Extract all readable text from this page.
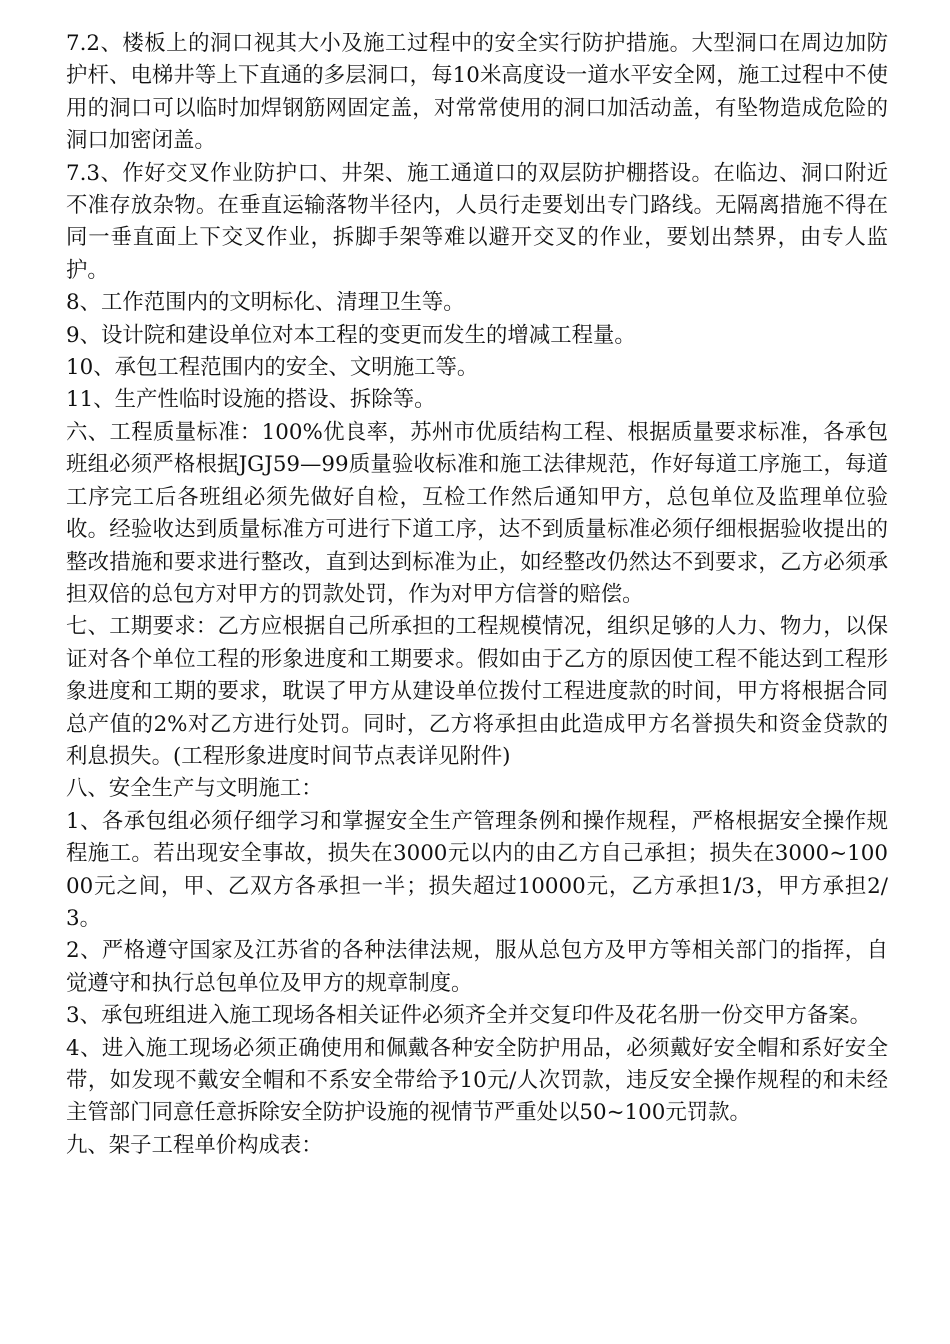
7.2、楼板上的洞口视其大小及施工过程中的安全实行防护措施。大型洞口在周边加防护杆、电梯井等上下直通的多层洞口，每10米高度设一道水平安全网，施工过程中不使用的洞口可以临时加焊钢筋网固定盖，对常常使用的洞口加活动盖，有坠物造成危险的洞口加密闭盖。

7.3、作好交叉作业防护口、井架、施工通道口的双层防护棚搭设。在临边、洞口附近不准存放杂物。在垂直运输落物半径内，人员行走要划出专门路线。无隔离措施不得在同一垂直面上下交叉作业，拆脚手架等难以避开交叉的作业，要划出禁界，由专人监护。

8、工作范围内的文明标化、清理卫生等。

9、设计院和建设单位对本工程的变更而发生的增减工程量。

10、承包工程范围内的安全、文明施工等。

11、生产性临时设施的搭设、拆除等。

六、工程质量标准：100%优良率，苏州市优质结构工程、根据质量要求标准，各承包班组必须严格根据JGJ59—99质量验收标准和施工法律规范，作好每道工序施工，每道工序完工后各班组必须先做好自检，互检工作然后通知甲方，总包单位及监理单位验收。经验收达到质量标准方可进行下道工序，达不到质量标准必须仔细根据验收提出的整改措施和要求进行整改，直到达到标准为止，如经整改仍然达不到要求，乙方必须承担双倍的总包方对甲方的罚款处罚，作为对甲方信誉的赔偿。

七、工期要求：乙方应根据自己所承担的工程规模情况，组织足够的人力、物力，以保证对各个单位工程的形象进度和工期要求。假如由于乙方的原因使工程不能达到工程形象进度和工期的要求，耽误了甲方从建设单位拨付工程进度款的时间，甲方将根据合同总产值的2%对乙方进行处罚。同时，乙方将承担由此造成甲方名誉损失和资金贷款的利息损失。(工程形象进度时间节点表详见附件)

八、安全生产与文明施工：

1、各承包组必须仔细学习和掌握安全生产管理条例和操作规程，严格根据安全操作规程施工。若出现安全事故，损失在3000元以内的由乙方自己承担；损失在3000~10000元之间，甲、乙双方各承担一半；损失超过10000元，乙方承担1/3，甲方承担2/3。

2、严格遵守国家及江苏省的各种法律法规，服从总包方及甲方等相关部门的指挥，自觉遵守和执行总包单位及甲方的规章制度。

3、承包班组进入施工现场各相关证件必须齐全并交复印件及花名册一份交甲方备案。

4、进入施工现场必须正确使用和佩戴各种安全防护用品，必须戴好安全帽和系好安全带，如发现不戴安全帽和不系安全带给予10元/人次罚款，违反安全操作规程的和未经主管部门同意任意拆除安全防护设施的视情节严重处以50~100元罚款。

九、架子工程单价构成表：
